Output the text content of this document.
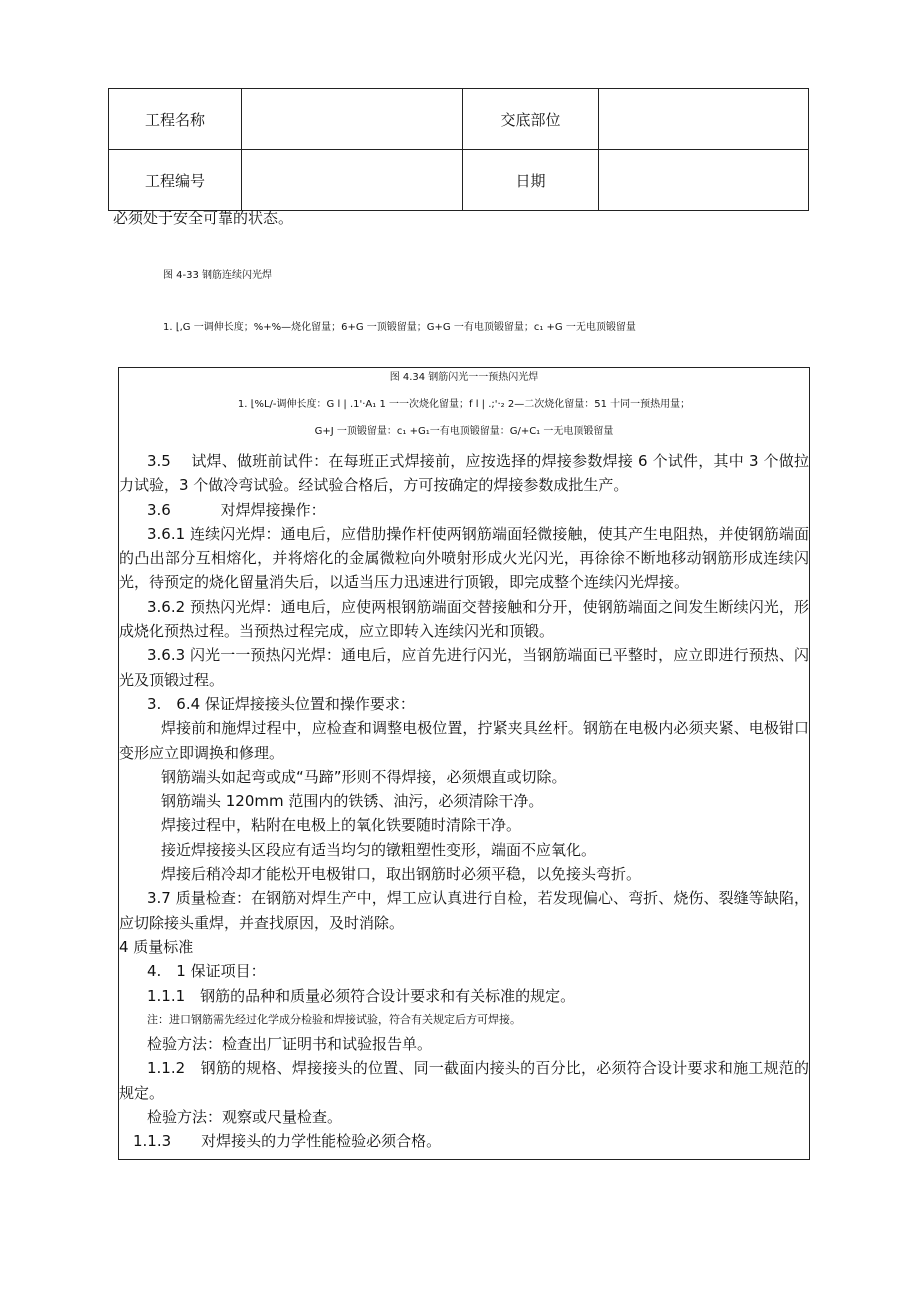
工程名称		交底部位	
工程编号		日期	
必须处于安全可靠的状态。
图 4-33 钢筋连续闪光焊
1. ⌊,G 一调伸长度；%+%—烧化留量；6+G 一顶锻留量；G+G 一有电顶锻留量；c₁ +G 一无电顶锻留量
图 4.34 钢筋闪光一一预热闪光焊
1. ⌊%L/-调伸长度：G l | .1'·A₁ 1 一一次烧化留量；f l | .;'·₂ 2—二次烧化留量：51 十同一预热用量；
G+J 一顶锻留量：c₁ +G₁一有电顶锻留量：G/+C₁ 一无电顶锻留量

3.5　 试焊、做班前试件：在每班正式焊接前，应按选择的焊接参数焊接 6 个试件，其中 3 个做拉力试验，3 个做冷弯试验。经试验合格后，方可按确定的焊接参数成批生产。

3.6　　　 对焊焊接操作：

3.6.1 连续闪光焊：通电后，应借肋操作杆使两钢筋端面轻微接触，使其产生电阻热，并使钢筋端面的凸出部分互相熔化，并将熔化的金属微粒向外喷射形成火光闪光，再徐徐不断地移动钢筋形成连续闪光，待预定的烧化留量消失后，以适当压力迅速进行顶锻，即完成整个连续闪光焊接。

3.6.2 预热闪光焊：通电后，应使两根钢筋端面交替接触和分开，使钢筋端面之间发生断续闪光，形成烧化预热过程。当预热过程完成，应立即转入连续闪光和顶锻。

3.6.3 闪光一一预热闪光焊：通电后，应首先进行闪光，当钢筋端面已平整时，应立即进行预热、闪光及顶锻过程。

3.　6.4 保证焊接接头位置和操作要求：

焊接前和施焊过程中，应检查和调整电极位置，拧紧夹具丝杆。钢筋在电极内必须夹紧、电极钳口变形应立即调换和修理。

钢筋端头如起弯或成“马蹄”形则不得焊接，必须煨直或切除。

钢筋端头 120mm 范围内的铁锈、油污，必须清除干净。

焊接过程中，粘附在电极上的氧化铁要随时清除干净。

接近焊接接头区段应有适当均匀的镦粗塑性变形，端面不应氧化。

焊接后稍冷却才能松开电极钳口，取出钢筋时必须平稳，以免接头弯折。

3.7 质量检查：在钢筋对焊生产中，焊工应认真进行自检，若发现偏心、弯折、烧伤、裂缝等缺陷，应切除接头重焊，并查找原因，及时消除。

4 质量标准

4.　1 保证项目：

1.1.1　钢筋的品种和质量必须符合设计要求和有关标准的规定。

注：进口钢筋需先经过化学成分检验和焊接试验，符合有关规定后方可焊接。

检验方法：检查出厂证明书和试验报告单。

1.1.2　钢筋的规格、焊接接头的位置、同一截面内接头的百分比，必须符合设计要求和施工规范的规定。

检验方法：观察或尺量检查。

1.1.3　　对焊接头的力学性能检验必须合格。
